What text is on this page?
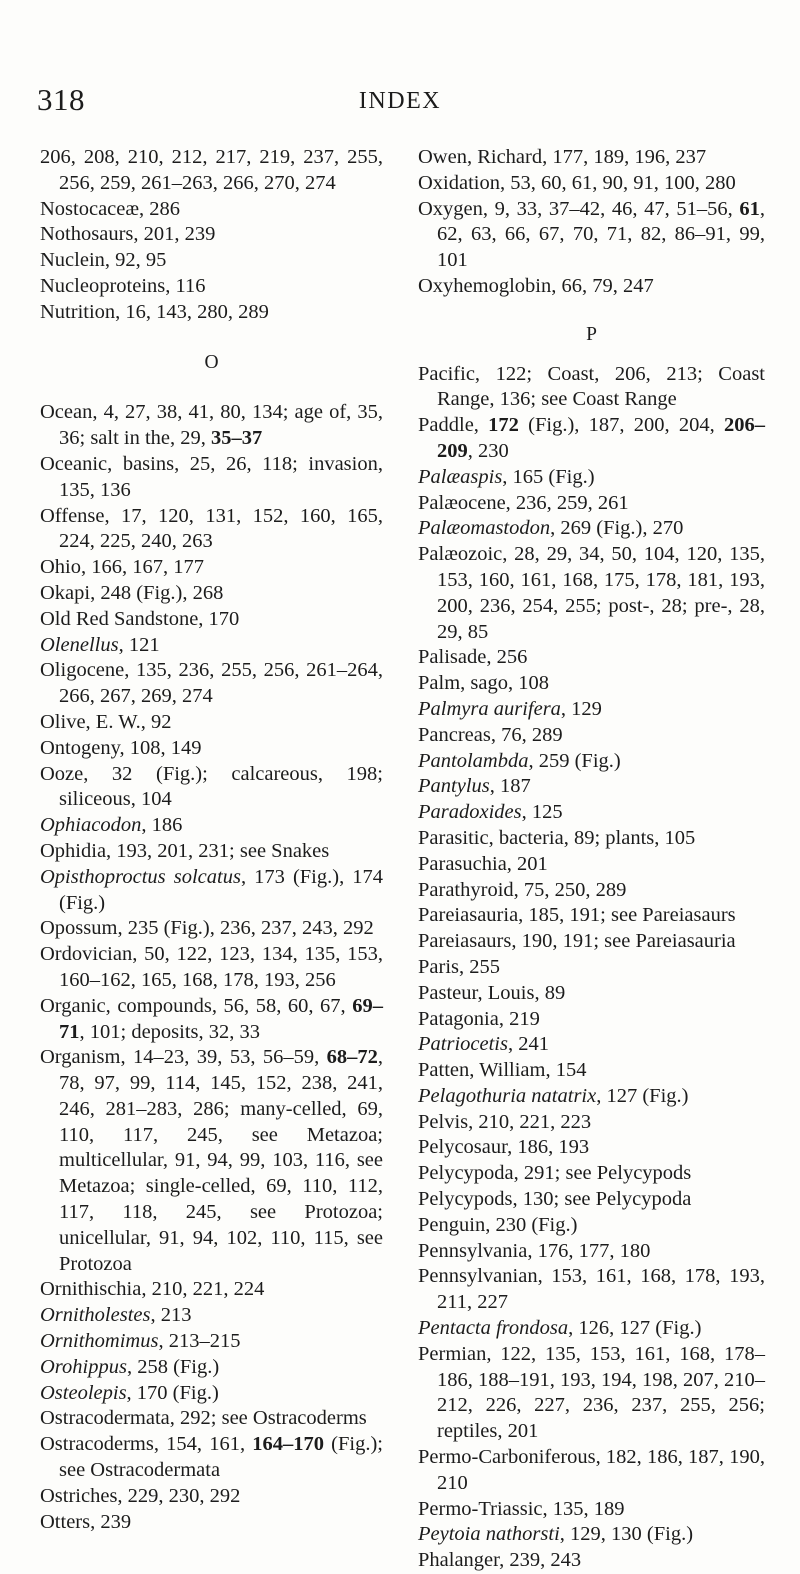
318	INDEX
206, 208, 210, 212, 217, 219, 237, 255, 256, 259, 261–263, 266, 270, 274
Nostocaceæ, 286
Nothosaurs, 201, 239
Nuclein, 92, 95
Nucleoproteins, 116
Nutrition, 16, 143, 280, 289
O
Ocean, 4, 27, 38, 41, 80, 134; age of, 35, 36; salt in the, 29, 35–37
Oceanic, basins, 25, 26, 118; invasion, 135, 136
Offense, 17, 120, 131, 152, 160, 165, 224, 225, 240, 263
Ohio, 166, 167, 177
Okapi, 248 (Fig.), 268
Old Red Sandstone, 170
Olenellus, 121
Oligocene, 135, 236, 255, 256, 261–264, 266, 267, 269, 274
Olive, E. W., 92
Ontogeny, 108, 149
Ooze, 32 (Fig.); calcareous, 198; siliceous, 104
Ophiacodon, 186
Ophidia, 193, 201, 231; see Snakes
Opisthoproctus solcatus, 173 (Fig.), 174 (Fig.)
Opossum, 235 (Fig.), 236, 237, 243, 292
Ordovician, 50, 122, 123, 134, 135, 153, 160–162, 165, 168, 178, 193, 256
Organic, compounds, 56, 58, 60, 67, 69–71, 101; deposits, 32, 33
Organism, 14–23, 39, 53, 56–59, 68–72, 78, 97, 99, 114, 145, 152, 238, 241, 246, 281–283, 286; many-celled, 69, 110, 117, 245, see Metazoa; multicellular, 91, 94, 99, 103, 116, see Metazoa; single-celled, 69, 110, 112, 117, 118, 245, see Protozoa; unicellular, 91, 94, 102, 110, 115, see Protozoa
Ornithischia, 210, 221, 224
Ornitholestes, 213
Ornithomimus, 213–215
Orohippus, 258 (Fig.)
Osteolepis, 170 (Fig.)
Ostracodermata, 292; see Ostracoderms
Ostracoderms, 154, 161, 164–170 (Fig.); see Ostracodermata
Ostriches, 229, 230, 292
Otters, 239
Owen, Richard, 177, 189, 196, 237
Oxidation, 53, 60, 61, 90, 91, 100, 280
Oxygen, 9, 33, 37–42, 46, 47, 51–56, 61, 62, 63, 66, 67, 70, 71, 82, 86–91, 99, 101
Oxyhemoglobin, 66, 79, 247
P
Pacific, 122; Coast, 206, 213; Coast Range, 136; see Coast Range
Paddle, 172 (Fig.), 187, 200, 204, 206–209, 230
Palæaspis, 165 (Fig.)
Palæocene, 236, 259, 261
Palæomastodon, 269 (Fig.), 270
Palæozoic, 28, 29, 34, 50, 104, 120, 135, 153, 160, 161, 168, 175, 178, 181, 193, 200, 236, 254, 255; post-, 28; pre-, 28, 29, 85
Palisade, 256
Palm, sago, 108
Palmyra aurifera, 129
Pancreas, 76, 289
Pantolambda, 259 (Fig.)
Pantylus, 187
Paradoxides, 125
Parasitic, bacteria, 89; plants, 105
Parasuchia, 201
Parathyroid, 75, 250, 289
Pareiasauria, 185, 191; see Pareiasaurs
Pareiasaurs, 190, 191; see Pareiasauria
Paris, 255
Pasteur, Louis, 89
Patagonia, 219
Patriocetis, 241
Patten, William, 154
Pelagothuria natatrix, 127 (Fig.)
Pelvis, 210, 221, 223
Pelycosaur, 186, 193
Pelycypoda, 291; see Pelycypods
Pelycypods, 130; see Pelycypoda
Penguin, 230 (Fig.)
Pennsylvania, 176, 177, 180
Pennsylvanian, 153, 161, 168, 178, 193, 211, 227
Pentacta frondosa, 126, 127 (Fig.)
Permian, 122, 135, 153, 161, 168, 178–186, 188–191, 193, 194, 198, 207, 210–212, 226, 227, 236, 237, 255, 256; reptiles, 201
Permo-Carboniferous, 182, 186, 187, 190, 210
Permo-Triassic, 135, 189
Peytoia nathorsti, 129, 130 (Fig.)
Phalanger, 239, 243
